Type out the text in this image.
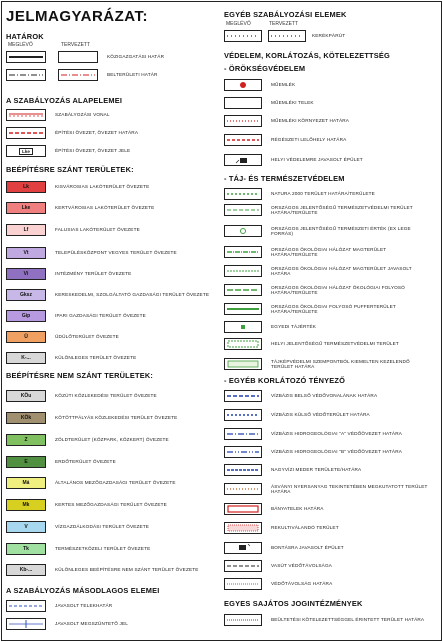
JELMAGYARÁZAT:
HATÁROK
MEGLÉVŐ	TERVEZETT
KÖZIGAZGATÁSI HATÁR
BELTERÜLETI HATÁR
A SZABÁLYOZÁS ALAPELEMEI
SZABÁLYOZÁSI VONAL
ÉPÍTÉSI ÖVEZET, ÖVEZET HATÁRA
Lke	ÉPÍTÉSI ÖVEZET, ÖVEZET JELE
BEÉPÍTÉSRE SZÁNT TERÜLETEK:
Lk	KISVÁROSIAS LAKÓTERÜLET ÖVEZETE
Lke	KERTVÁROSIAS LAKÓTERÜLET ÖVEZETE
Lf	FALUSIAS LAKÓTERÜLET ÖVEZETE
Vt	TELEPÜLÉSKÖZPONT VEGYES TERÜLET ÖVEZETE
Vi	INTÉZMÉNY TERÜLET ÖVEZETE
Gksz	KERESKEDELMI, SZOLGÁLTATÓ GAZDASÁGI TERÜLET ÖVEZETE
Gip	IPARI GAZDASÁGI TERÜLET ÖVEZETE
Ü	ÜDÜLŐTERÜLET ÖVEZETE
K-...	KÜLÖNLEGES TERÜLET ÖVEZETE
BEÉPÍTÉSRE NEM SZÁNT TERÜLETEK:
KÖu	KÖZÚTI KÖZLEKEDÉSI TERÜLET ÖVEZETE
KÖk	KÖTÖTTPÁLYÁS KÖZLEKEDÉSI TERÜLET ÖVEZETE
Z	ZÖLDTERÜLET (KÖZPARK, KÖZKERT) ÖVEZETE
E	ERDŐTERÜLET ÖVEZETE
Má	ÁLTALÁNOS MEZŐGAZDASÁGI TERÜLET ÖVEZETE
Mk	KERTES MEZŐGAZDASÁGI TERÜLET ÖVEZETE
V	VÍZGAZDÁLKODÁSI TERÜLET ÖVEZETE
Tk	TERMÉSZETKÖZELI TERÜLET ÖVEZETE
Kb-...	KÜLÖNLEGES BEÉPÍTÉSRE NEM SZÁNT TERÜLET ÖVEZETE
A SZABÁLYOZÁS MÁSODLAGOS ELEMEI
JAVASOLT TELEKHATÁR
JAVASOLT MEGSZÜNTETŐ JEL
EGYÉB SZABÁLYOZÁSI ELEMEK
MEGLÉVŐ	TERVEZETT
KERÉKPÁRÚT
VÉDELEM, KORLÁTOZÁS, KÖTELEZETTSÉG
- ÖRÖKSÉGVÉDELEM
MŰEMLÉK
MŰEMLÉKI TELEK
MŰEMLÉKI KÖRNYEZET HATÁRA
RÉGÉSZETI LELŐHELY HATÁRA
HELYI VÉDELEMRE JAVASOLT ÉPÜLET
- TÁJ- ÉS TERMÉSZETVÉDELEM
NATURA 2000 TERÜLET HATÁRA/TERÜLETE
ORSZÁGOS JELENTŐSÉGŰ TERMÉSZETVÉDELMI TERÜLET HATÁRA/TERÜLETE
ORSZÁGOS JELENTŐSÉGŰ TERMÉSZETI ÉRTÉK (EX LEGE FORRÁS)
ORSZÁGOS ÖKOLÓGIAI HÁLÓZAT MAGTERÜLET HATÁRA/TERÜLETE
ORSZÁGOS ÖKOLÓGIAI HÁLÓZAT MAGTERÜLET JAVASOLT HATÁRA
ORSZÁGOS ÖKOLÓGIAI HÁLÓZAT ÖKOLÓGIAI FOLYOSÓ HATÁRA/TERÜLETE
ORSZÁGOS ÖKOLÓGIAI FOLYOSÓ PUFFERTERÜLET HATÁRA/TERÜLETE
EGYEDI TÁJÉRTÉK
HELYI JELENTŐSÉGŰ TERMÉSZETVÉDELMI TERÜLET
TÁJKÉPVÉDELMI SZEMPONTBÓL KIEMELTEN KEZELENDŐ TERÜLET HATÁRA
- EGYÉB KORLÁTOZÓ TÉNYEZŐ
VÍZBÁZIS BELSŐ VÉDŐVONALÁNAK HATÁRA
VÍZBÁZIS KÜLSŐ VÉDŐTERÜLET HATÁRA
VÍZBÁZIS HIDROGEOLÓGIAI "A" VÉDŐÖVEZET HATÁRA
VÍZBÁZIS HIDROGEOLÓGIAI "B" VÉDŐÖVEZET HATÁRA
NAGYVÍZI MEDER TERÜLETE/HATÁRA
ÁSVÁNYI NYERSANYAG TEKINTETÉBEN MEGKUTATOTT TERÜLET HATÁRA
BÁNYATELEK HATÁRA
REKULTIVÁLANDÓ TERÜLET
BONTÁSRA JAVASOLT ÉPÜLET
VASÚT VÉDŐTÁVOLSÁGA
VÉDŐTÁVOLSÁG HATÁRA
EGYES SAJÁTOS JOGINTÉZMÉNYEK
BEÜLTETÉSI KÖTELEZETTSÉGGEL ÉRINTETT TERÜLET HATÁRA
